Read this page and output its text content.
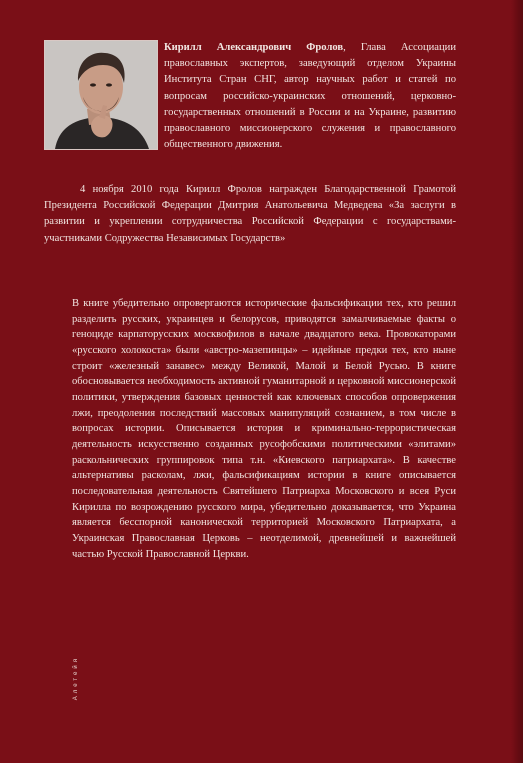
Кирилл Александрович Фролов, Глава Ассоциации православных экспертов, заведующий отделом Украины Института Стран СНГ, автор научных работ и статей по вопросам российско-украинских отношений, церковно-государственных отношений в России и на Украине, развитию православного миссионерского служения и православного общественного движения.
4 ноября 2010 года Кирилл Фролов награжден Благодарственной Грамотой Президента Российской Федерации Дмитрия Анатольевича Медведева «За заслуги в развитии и укреплении сотрудничества Российской Федерации с государствами-участниками Содружества Независимых Государств»
В книге убедительно опровергаются исторические фальсификации тех, кто решил разделить русских, украинцев и белорусов, приводятся замалчиваемые факты о геноциде карпаторусских москвофилов в начале двадцатого века. Провокаторами «русского холокоста» были «австро-мазепинцы» – идейные предки тех, кто ныне строит «железный занавес» между Великой, Малой и Белой Русью. В книге обосновывается необходимость активной гуманитарной и церковной миссионерской политики, утверждения базовых ценностей как ключевых способов опровержения лжи, преодоления последствий массовых манипуляций сознанием, в том числе в вопросах истории. Описывается история и криминально-террористическая деятельность искусственно созданных русофобскими политическими «элитами» раскольнических группировок типа т.н. «Киевского патриархата». В качестве альтернативы расколам, лжи, фальсификациям истории в книге описывается последовательная деятельность Святейшего Патриарха Московского и всея Руси Кирилла по возрождению русского мира, убедительно доказывается, что Украина является бесспорной канонической территорией Московского Патриархата, а Украинская Православная Церковь – неотделимой, древнейшей и важнейшей частью Русской Православной Церкви.
Алетейя
